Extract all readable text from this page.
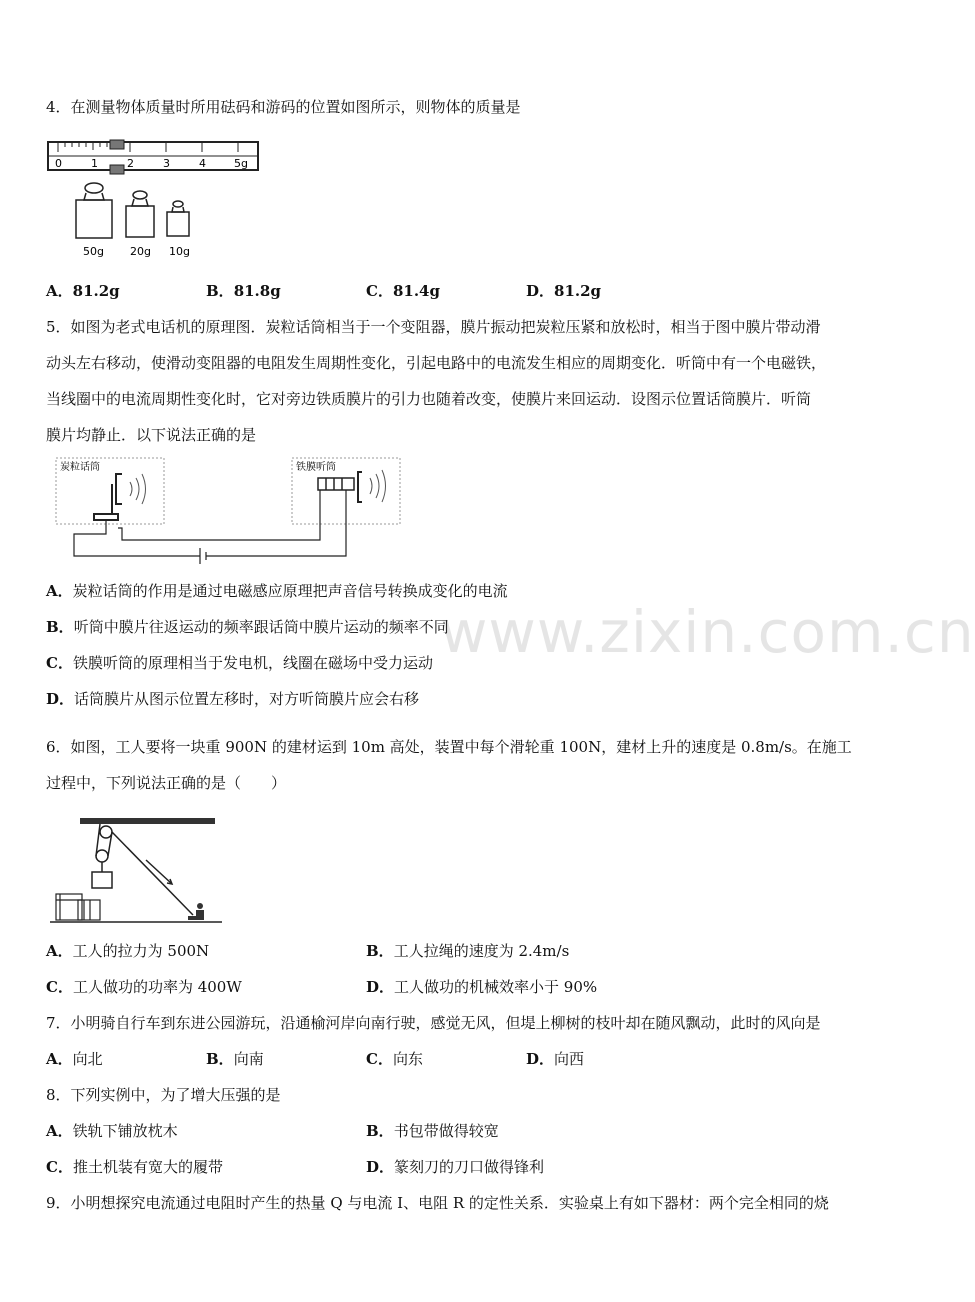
www.zixin.com.cn
4．在测量物体质量时所用砝码和游码的位置如图所示，则物体的质量是
0	1	2	3	4	5g
50g 20g 10g
A．81.2g	B．81.8g	C．81.4g	D．81.2g
5．如图为老式电话机的原理图．炭粒话筒相当于一个变阻器，膜片振动把炭粒压紧和放松时，相当于图中膜片带动滑
动头左右移动，使滑动变阻器的电阻发生周期性变化，引起电路中的电流发生相应的周期变化．听筒中有一个电磁铁，
当线圈中的电流周期性变化时，它对旁边铁质膜片的引力也随着改变，使膜片来回运动．设图示位置话筒膜片．听筒
膜片均静止．以下说法正确的是
炭粒话筒	铁膜听筒
A．炭粒话筒的作用是通过电磁感应原理把声音信号转换成变化的电流
B．听筒中膜片往返运动的频率跟话筒中膜片运动的频率不同
C．铁膜听筒的原理相当于发电机，线圈在磁场中受力运动
D．话筒膜片从图示位置左移时，对方听筒膜片应会右移
6．如图，工人要将一块重 900N 的建材运到 10m 高处，装置中每个滑轮重 100N，建材上升的速度是 0.8m/s。在施工
过程中，下列说法正确的是（　　）
A．工人的拉力为 500N	B．工人拉绳的速度为 2.4m/s
C．工人做功的功率为 400W	D．工人做功的机械效率小于 90%
7．小明骑自行车到东进公园游玩，沿通榆河岸向南行驶，感觉无风，但堤上柳树的枝叶却在随风飘动，此时的风向是
A．向北	B．向南	C．向东	D．向西
8．下列实例中，为了增大压强的是
A．铁轨下铺放枕木	B．书包带做得较宽
C．推土机装有宽大的履带	D．篆刻刀的刀口做得锋利
9．小明想探究电流通过电阻时产生的热量 Q 与电流 I、电阻 R 的定性关系．实验桌上有如下器材：两个完全相同的烧
